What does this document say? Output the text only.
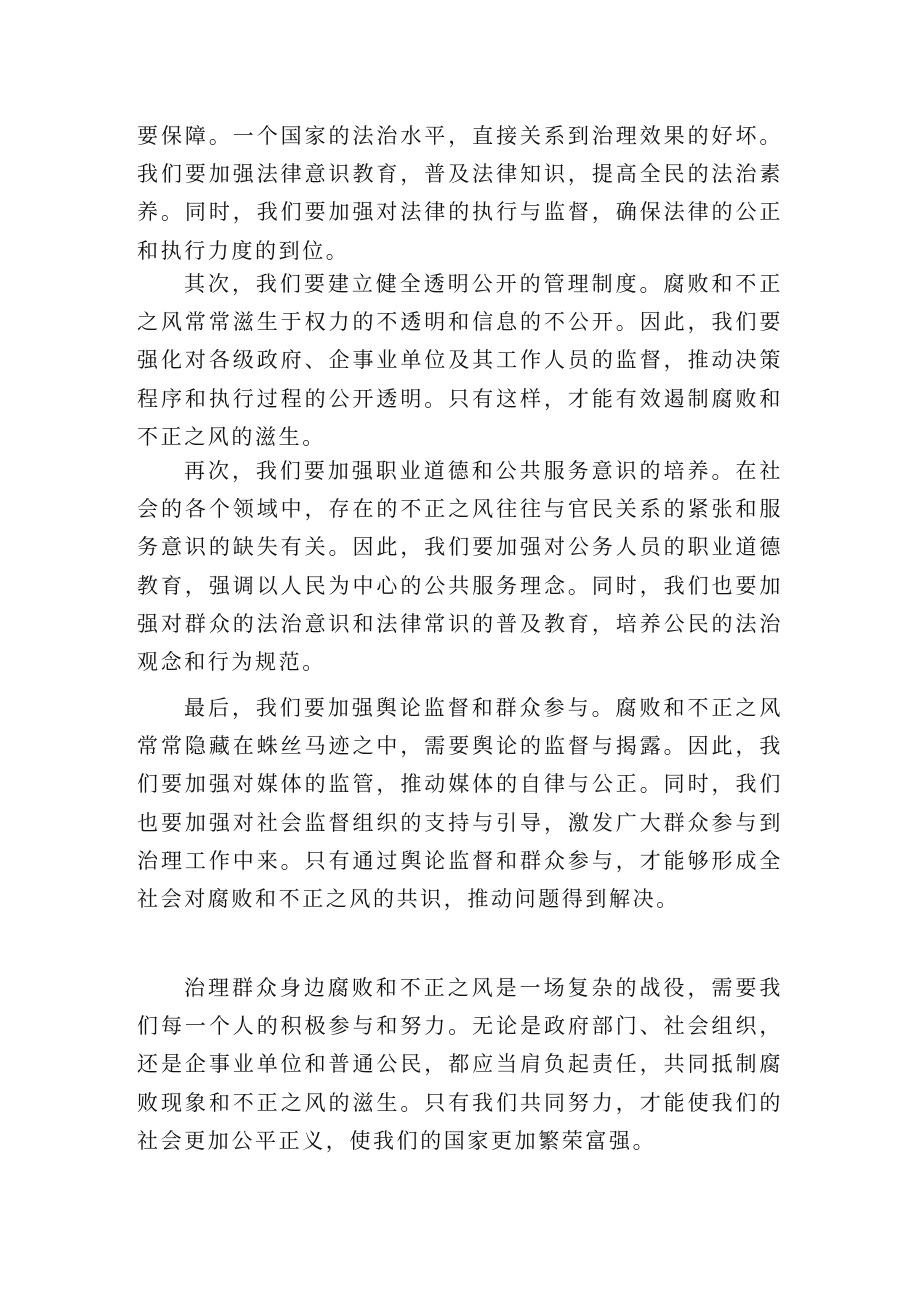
要保障。一个国家的法治水平，直接关系到治理效果的好坏。我们要加强法律意识教育，普及法律知识，提高全民的法治素养。同时，我们要加强对法律的执行与监督，确保法律的公正和执行力度的到位。

其次，我们要建立健全透明公开的管理制度。腐败和不正之风常常滋生于权力的不透明和信息的不公开。因此，我们要强化对各级政府、企事业单位及其工作人员的监督，推动决策程序和执行过程的公开透明。只有这样，才能有效遏制腐败和不正之风的滋生。

再次，我们要加强职业道德和公共服务意识的培养。在社会的各个领域中，存在的不正之风往往与官民关系的紧张和服务意识的缺失有关。因此，我们要加强对公务人员的职业道德教育，强调以人民为中心的公共服务理念。同时，我们也要加强对群众的法治意识和法律常识的普及教育，培养公民的法治观念和行为规范。

最后，我们要加强舆论监督和群众参与。腐败和不正之风常常隐藏在蛛丝马迹之中，需要舆论的监督与揭露。因此，我们要加强对媒体的监管，推动媒体的自律与公正。同时，我们也要加强对社会监督组织的支持与引导，激发广大群众参与到治理工作中来。只有通过舆论监督和群众参与，才能够形成全社会对腐败和不正之风的共识，推动问题得到解决。

治理群众身边腐败和不正之风是一场复杂的战役，需要我们每一个人的积极参与和努力。无论是政府部门、社会组织，还是企事业单位和普通公民，都应当肩负起责任，共同抵制腐败现象和不正之风的滋生。只有我们共同努力，才能使我们的社会更加公平正义，使我们的国家更加繁荣富强。
